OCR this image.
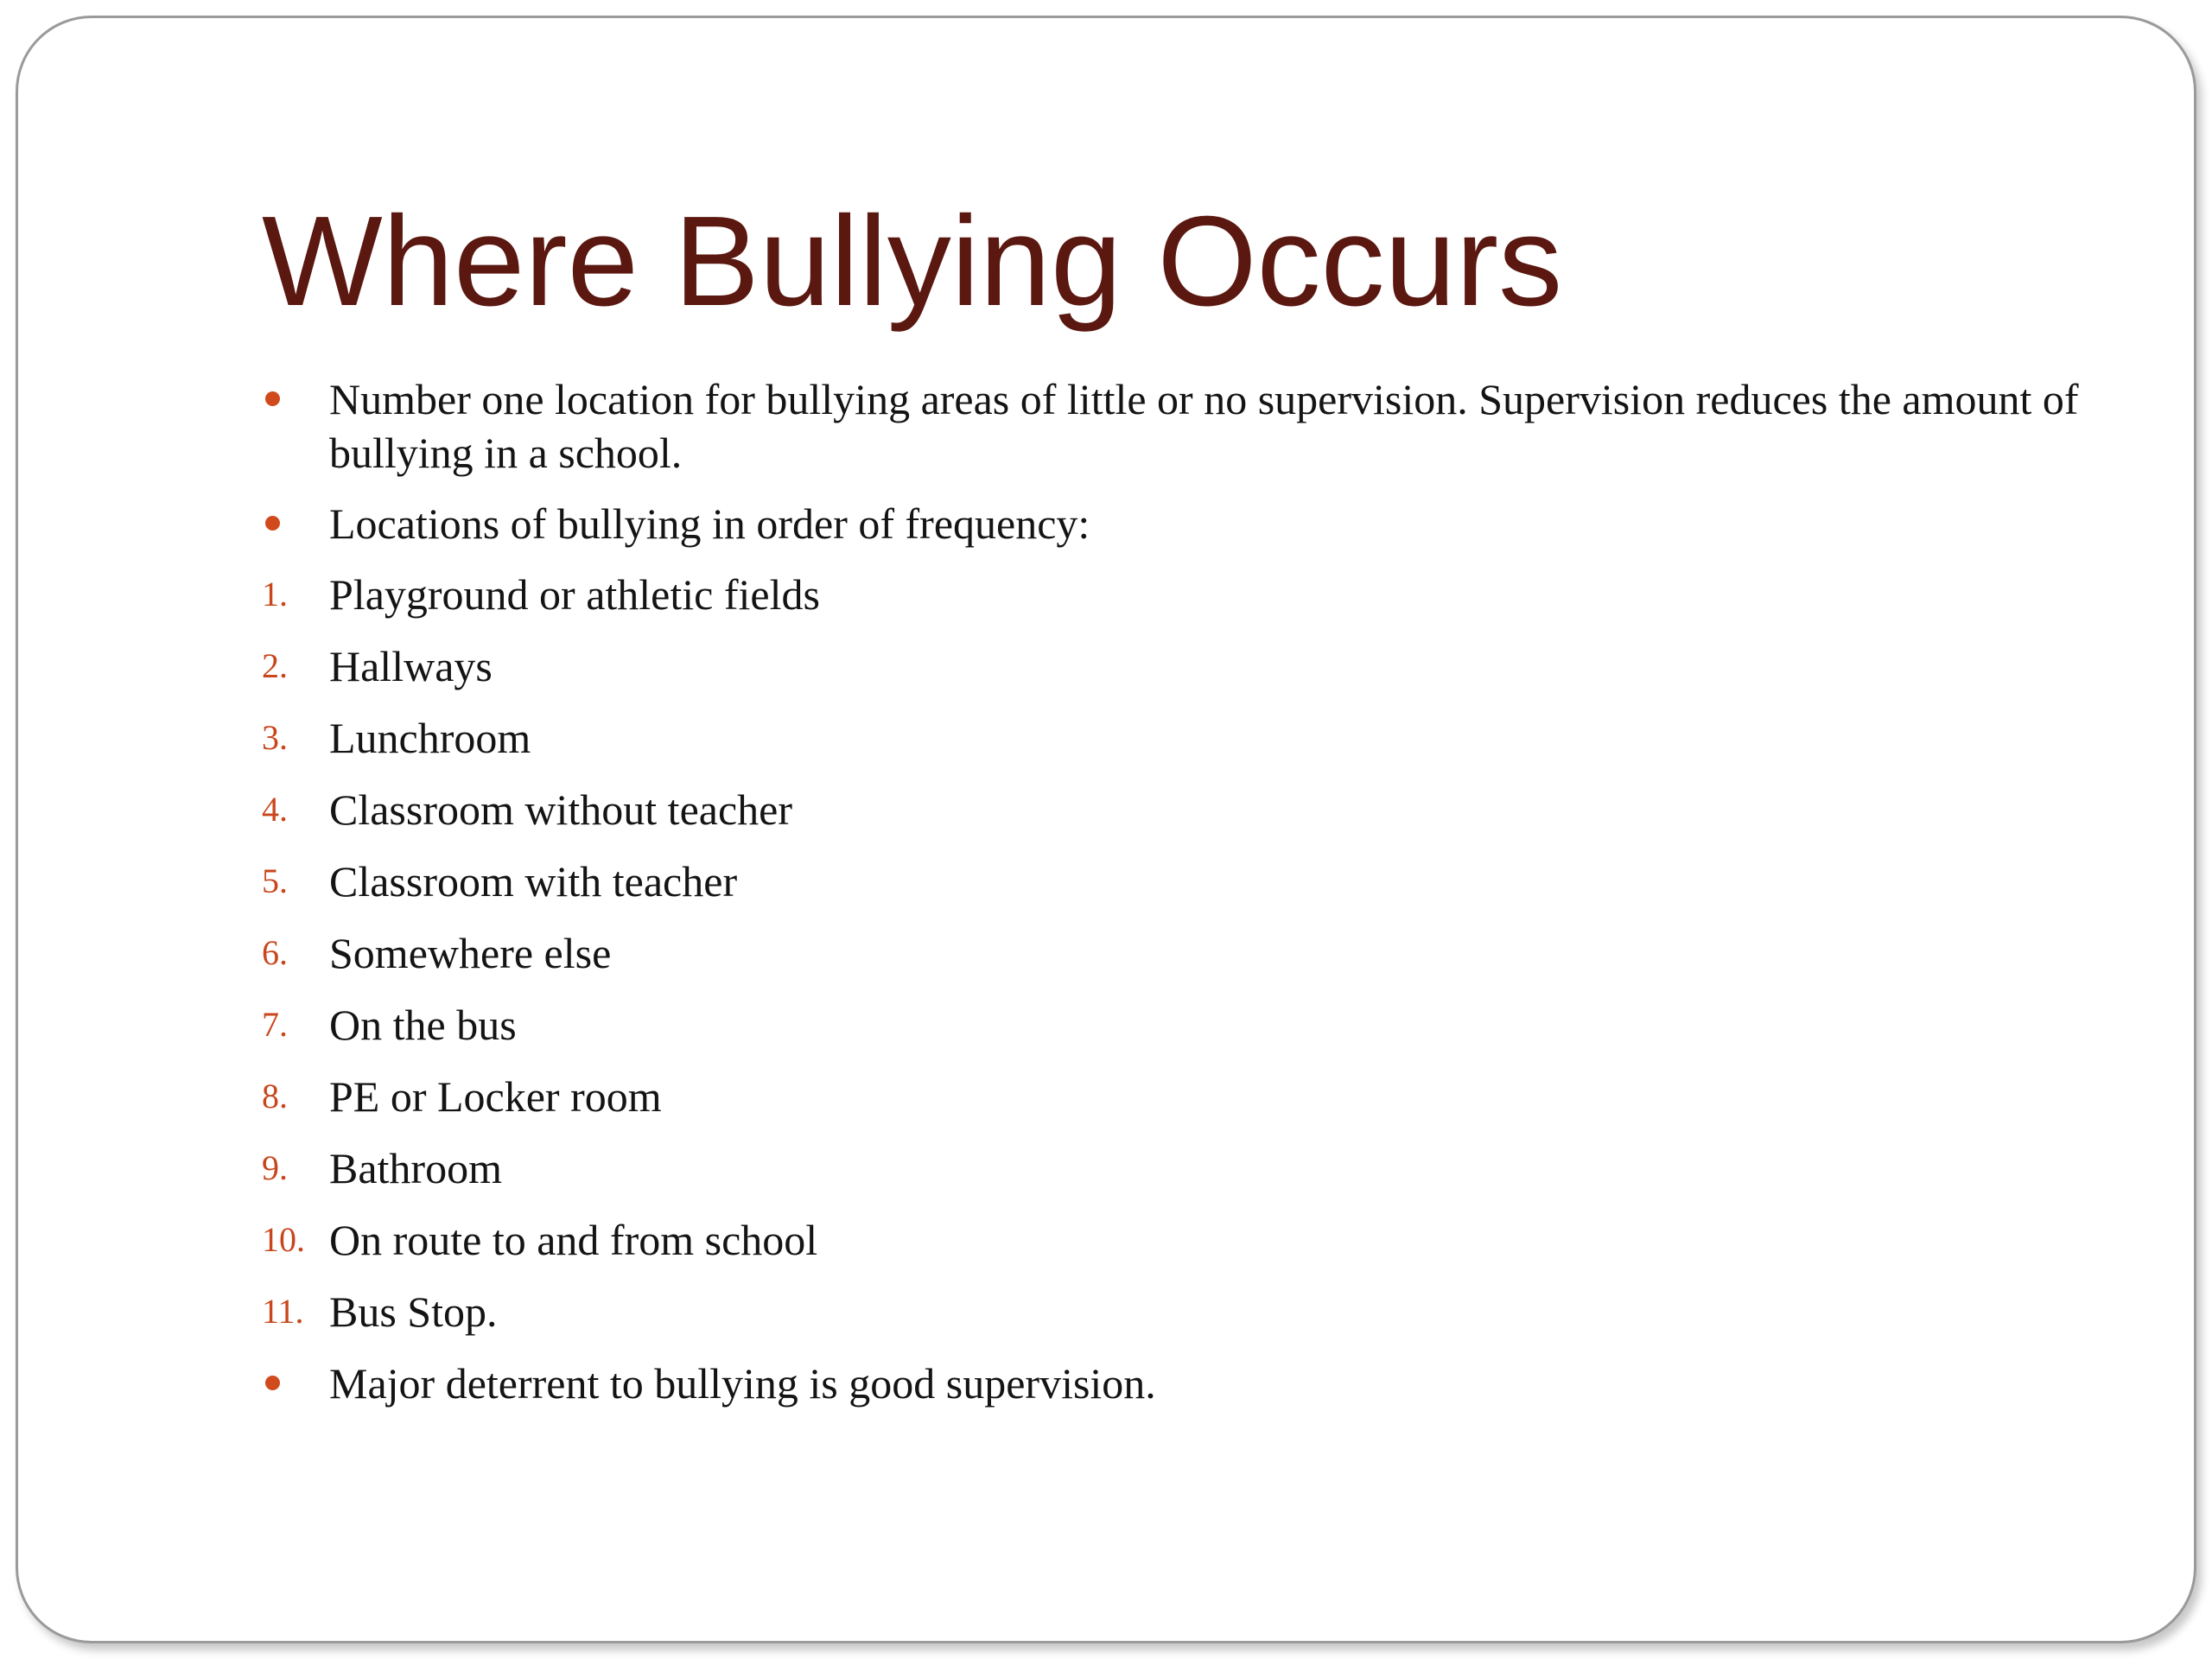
Where Bullying Occurs
Number one location for bullying areas of little or no supervision. Supervision reduces the amount of bullying in a school.
Locations of bullying in order of frequency:
1. Playground or athletic fields
2. Hallways
3. Lunchroom
4. Classroom without teacher
5. Classroom with teacher
6. Somewhere else
7. On the bus
8. PE or Locker room
9. Bathroom
10. On route to and from school
11. Bus Stop.
Major deterrent to bullying is good supervision.
